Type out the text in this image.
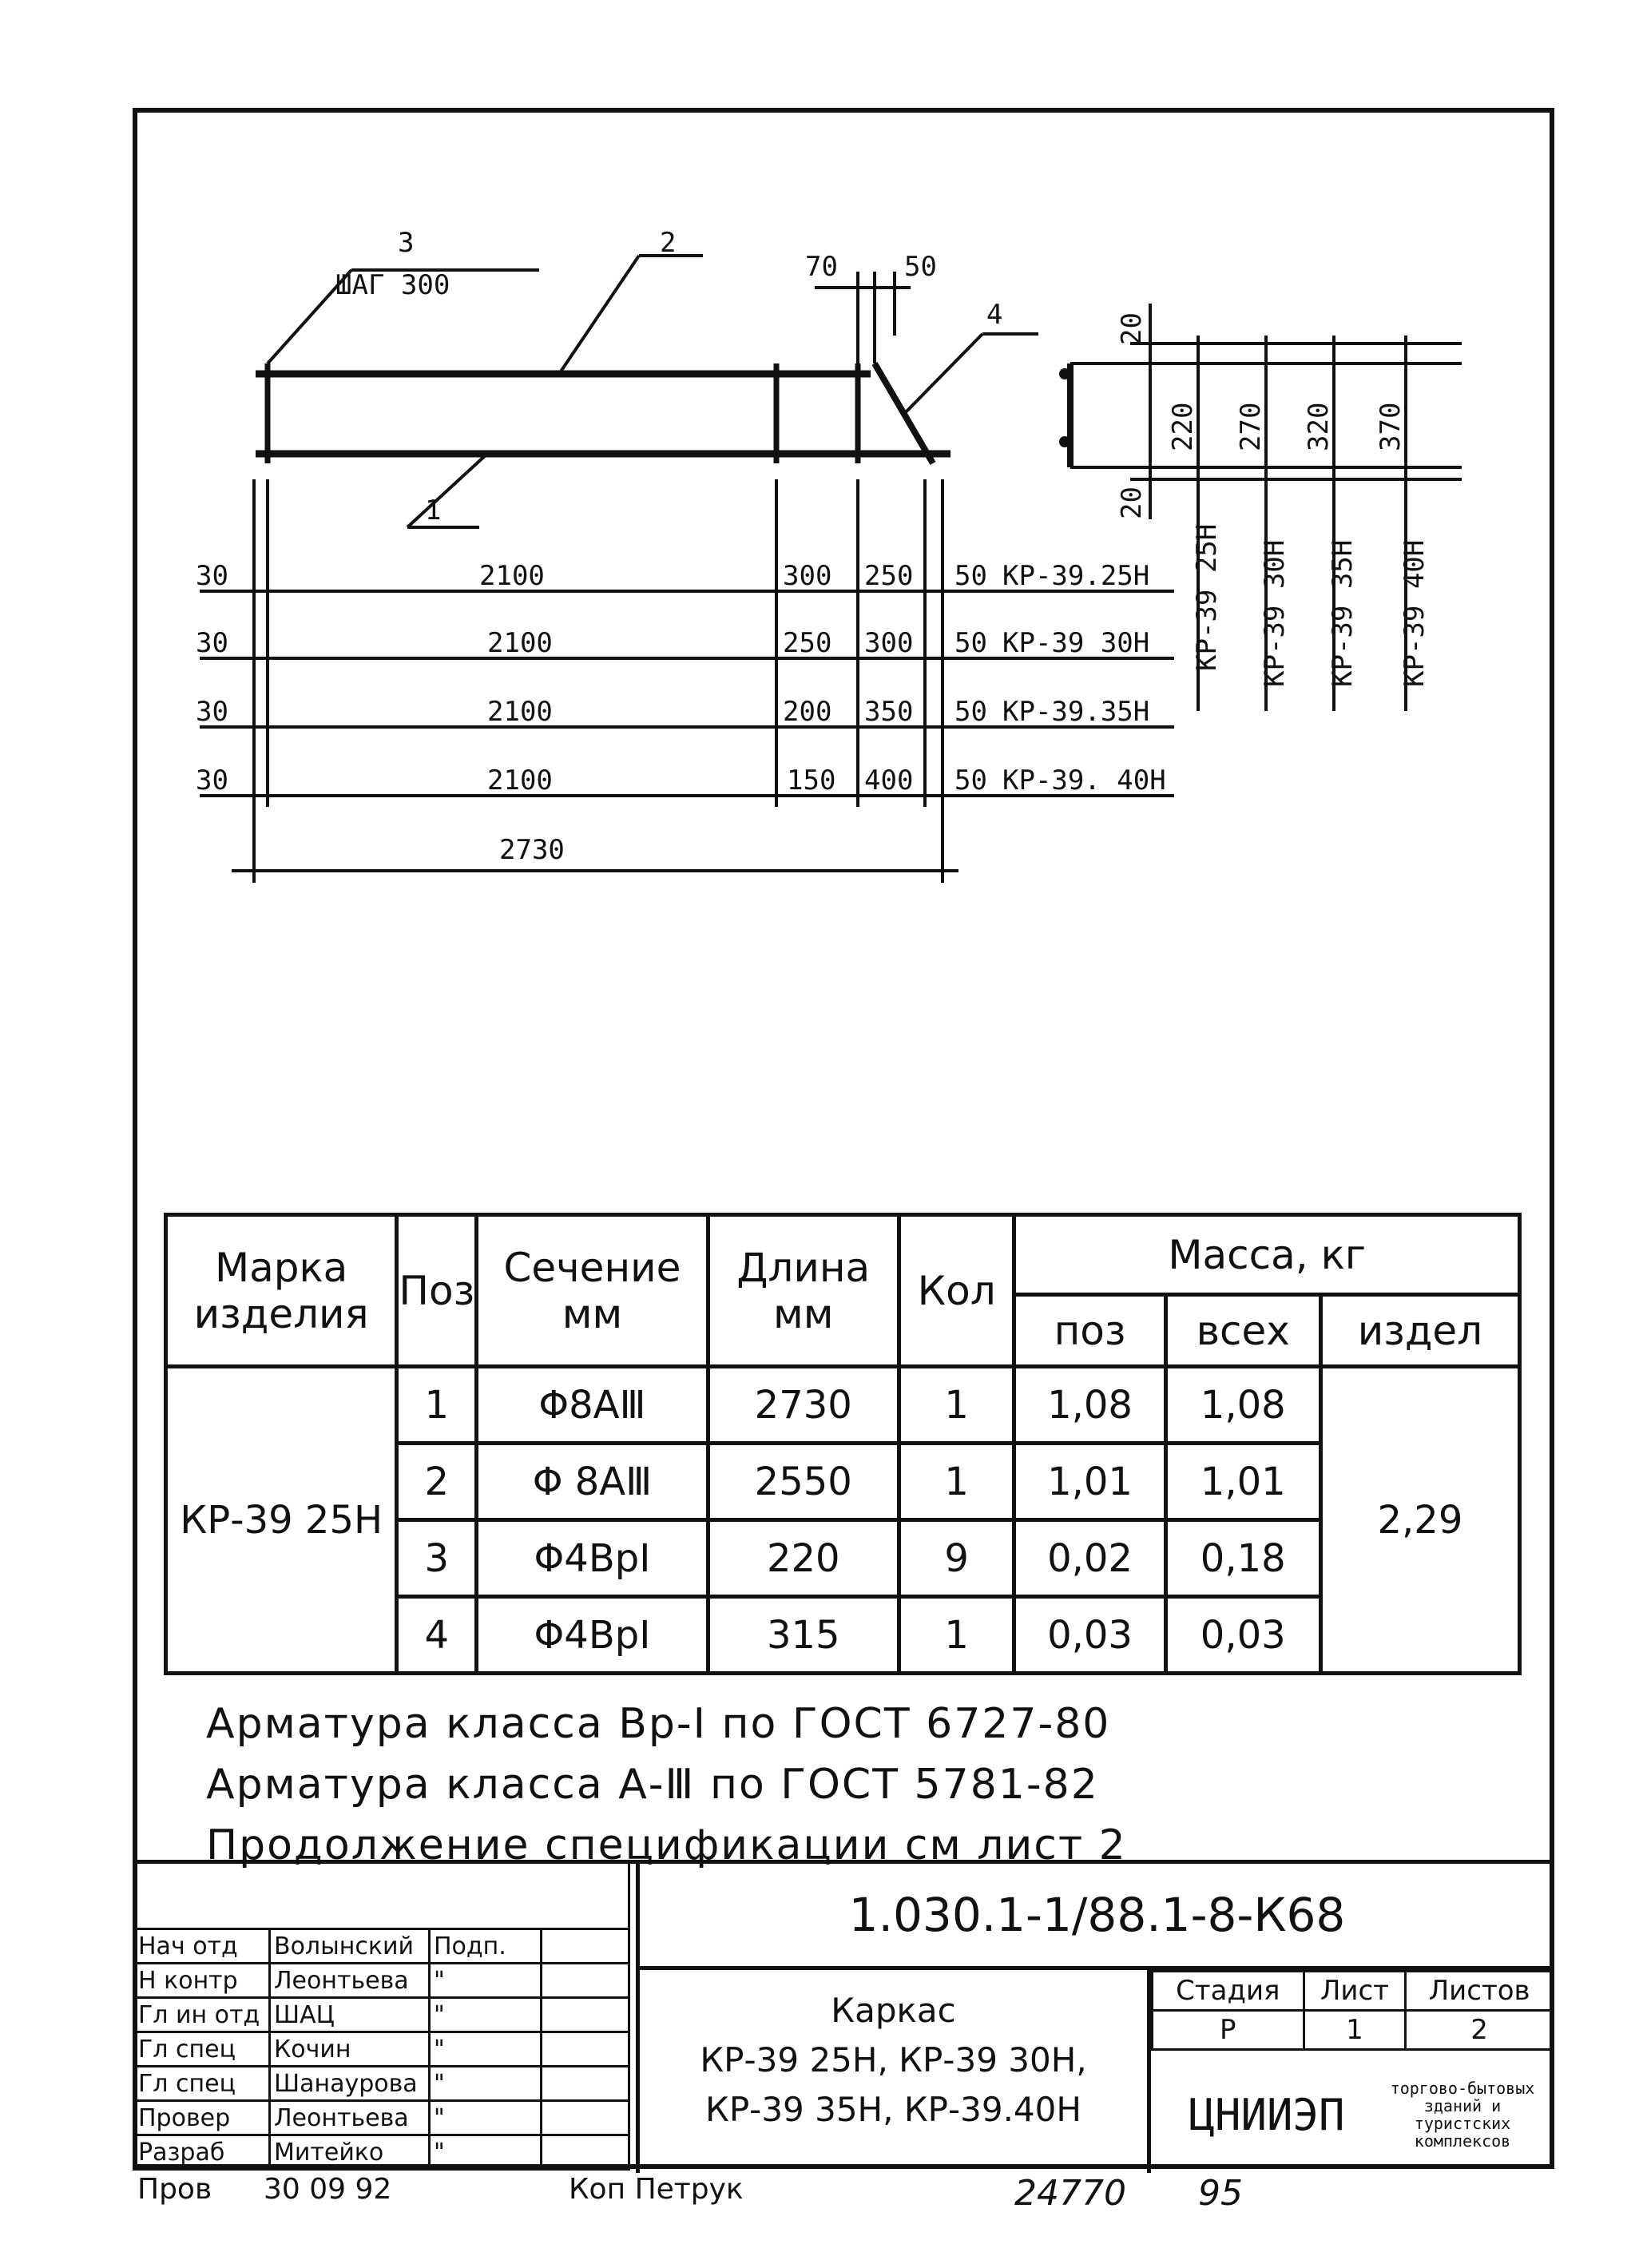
3
ШАГ 300
2
1
4
70 50
30	2100	300 250 50 КР-39.25Н
30	2100	250 300 50 КР-39 30Н
30	2100	200 350 50 КР-39.35Н
30	2100	150 400 50 КР-39. 40Н
2730
20
20
220 270 320 370
КР-39 25Н КР-39 30Н КР-39 35Н КР-39 40Н
Марка изделия	Поз	Сечение мм	Длина мм	Кол	Масса, кг		
					поз	всех	издел
КР-39 25Н	1	Φ8AⅢ	2730	1	1,08	1,08	2,29
	2	Φ 8AⅢ	2550	1	1,01	1,01	
	3	Φ4BpⅠ	220	9	0,02	0,18	
	4	Φ4BpⅠ	315	1	0,03	0,03	
Арматура класса Вр-Ⅰ по ГОСТ 6727-80
Арматура класса А-Ⅲ по ГОСТ 5781-82
Продолжение спецификации см лист 2

Нач отд	Волынский	Подп.	
Н контр	Леонтьева	"	
Гл ин отд	ШАЦ	"	
Гл спец	Кочин	"	
Гл спец	Шанаурова	"	
Провер	Леонтьева	"	
Разраб	Митейко	"	
1.030.1-1/88.1-8-К68
Каркас
КР-39 25Н, КР-39 30Н,
КР-39 35Н, КР-39.40Н
Стадия	Лист	Листов
Р	1	2
ЦНИИЭП
торгово-бытовых зданий и туристских комплексов
Пров 30 09 92	Коп Петрук	24770 95
